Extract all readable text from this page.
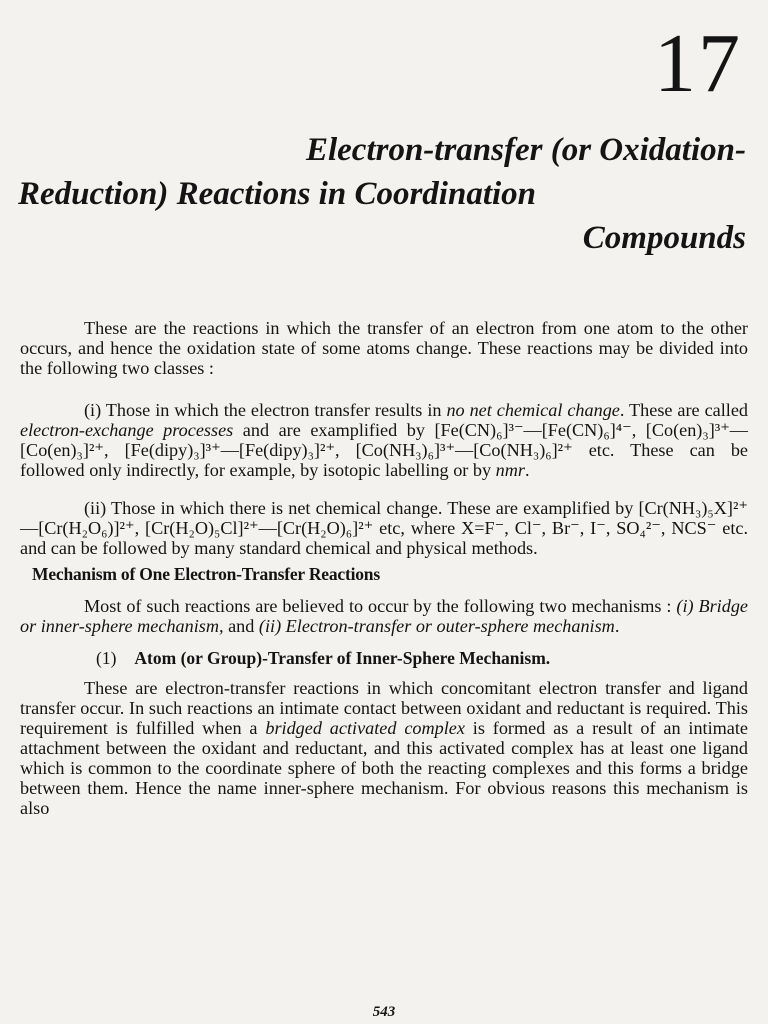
17
Electron-transfer (or Oxidation-
Reduction) Reactions in Coordination
Compounds

These are the reactions in which the transfer of an electron from one atom to the other occurs, and hence the oxidation state of some atoms change. These reactions may be divided into the following two classes :

(i) Those in which the electron transfer results in no net chemical change. These are called electron-exchange processes and are examplified by [Fe(CN)₆]³⁻—[Fe(CN)₆]⁴⁻, [Co(en)₃]³⁺—[Co(en)₃]²⁺, [Fe(dipy)₃]³⁺—[Fe(dipy)₃]²⁺, [Co(NH₃)₆]³⁺—[Co(NH₃)₆]²⁺ etc. These can be followed only indirectly, for example, by isotopic labelling or by nmr.

(ii) Those in which there is net chemical change. These are examplified by [Cr(NH₃)₅X]²⁺—[Cr(H₂O₆)]²⁺, [Cr(H₂O)₅Cl]²⁺—[Cr(H₂O)₆]²⁺ etc, where X=F⁻, Cl⁻, Br⁻, I⁻, SO₄²⁻, NCS⁻ etc. and can be followed by many standard chemical and physical methods.

Mechanism of One Electron-Transfer Reactions

Most of such reactions are believed to occur by the following two mechanisms : (i) Bridge or inner-sphere mechanism, and (ii) Electron-transfer or outer-sphere mechanism.

(1) Atom (or Group)-Transfer of Inner-Sphere Mechanism.

These are electron-transfer reactions in which concomitant electron transfer and ligand transfer occur. In such reactions an intimate contact between oxidant and reductant is required. This requirement is fulfilled when a bridged activated complex is formed as a result of an intimate attachment between the oxidant and reductant, and this activated complex has at least one ligand which is common to the coordinate sphere of both the reacting complexes and this forms a bridge between them. Hence the name inner-sphere mechanism. For obvious reasons this mechanism is also

543
